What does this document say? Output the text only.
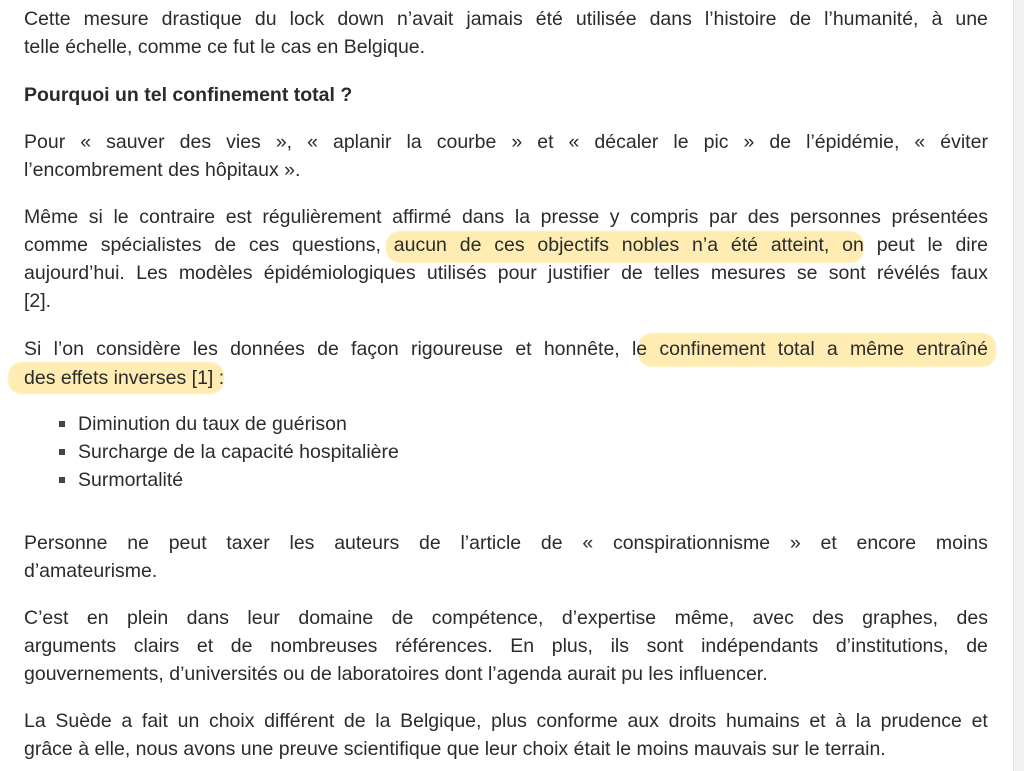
Cette mesure drastique du lock down n’avait jamais été utilisée dans l’histoire de l’humanité, à une
telle échelle, comme ce fut le cas en Belgique.
Pourquoi un tel confinement total ?
Pour « sauver des vies », « aplanir la courbe » et « décaler le pic » de l’épidémie, « éviter
l’encombrement des hôpitaux ».
Même si le contraire est régulièrement affirmé dans la presse y compris par des personnes présentées
comme spécialistes de ces questions, aucun de ces objectifs nobles n’a été atteint, on peut le dire
aujourd’hui. Les modèles épidémiologiques utilisés pour justifier de telles mesures se sont révélés faux
[2].
Si l’on considère les données de façon rigoureuse et honnête, le confinement total a même entraîné
des effets inverses [1] :
Diminution du taux de guérison
Surcharge de la capacité hospitalière
Surmortalité
Personne ne peut taxer les auteurs de l’article de « conspirationnisme » et encore moins
d’amateurisme.
C’est en plein dans leur domaine de compétence, d’expertise même, avec des graphes, des
arguments clairs et de nombreuses références. En plus, ils sont indépendants d’institutions, de
gouvernements, d’universités ou de laboratoires dont l’agenda aurait pu les influencer.
La Suède a fait un choix différent de la Belgique, plus conforme aux droits humains et à la prudence et
grâce à elle, nous avons une preuve scientifique que leur choix était le moins mauvais sur le terrain.
